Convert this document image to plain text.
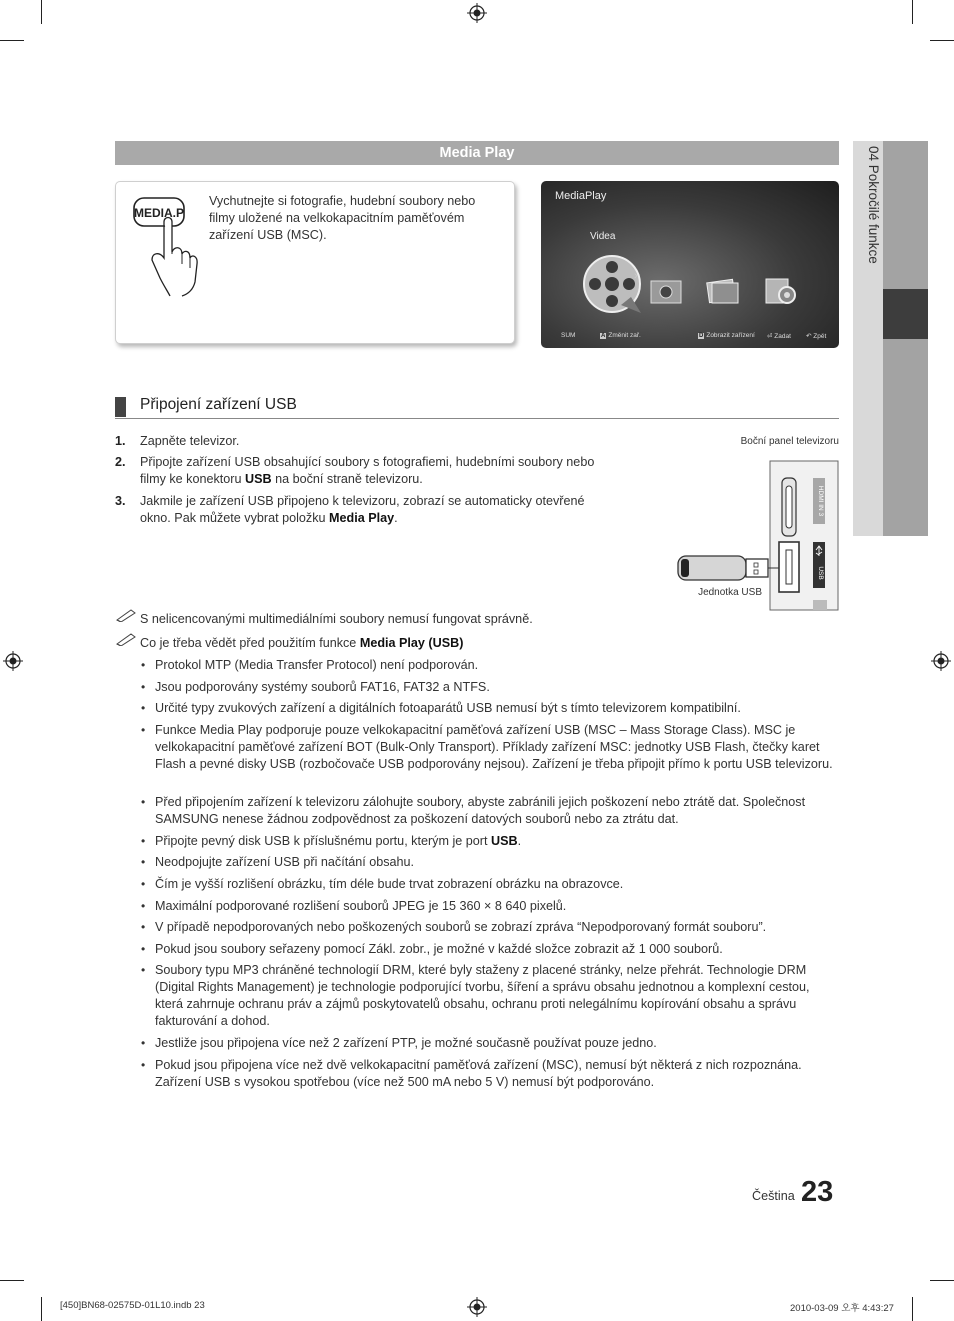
04 Pokročilé funkce
Media Play
MEDIA.P
Vychutnejte si fotografie, hudební soubory nebo filmy uložené na velkokapacitním paměťovém zařízení USB (MSC).
MediaPlay
Videa
›
SUM	A Změnit zař.	D Zobrazit zařízení ⏎ Zadat ↶ Zpět
Připojení zařízení USB
1. Zapněte televizor.
2. Připojte zařízení USB obsahující soubory s fotografiemi, hudebními soubory nebo filmy ke konektoru USB na boční straně televizoru.
3. Jakmile je zařízení USB připojeno k televizoru, zobrazí se automaticky otevřené okno. Pak můžete vybrat položku Media Play.
Boční panel televizoru
HDMI IN 3
USB
Jednotka USB
S nelicencovanými multimediálními soubory nemusí fungovat správně.
Co je třeba vědět před použitím funkce Media Play (USB)
• Protokol MTP (Media Transfer Protocol) není podporován.
• Jsou podporovány systémy souborů FAT16, FAT32 a NTFS.
• Určité typy zvukových zařízení a digitálních fotoaparátů USB nemusí být s tímto televizorem kompatibilní.
• Funkce Media Play podporuje pouze velkokapacitní paměťová zařízení USB (MSC – Mass Storage Class). MSC je velkokapacitní paměťové zařízení BOT (Bulk-Only Transport). Příklady zařízení MSC: jednotky USB Flash, čtečky karet Flash a pevné disky USB (rozbočovače USB podporovány nejsou). Zařízení je třeba připojit přímo k portu USB televizoru.
• Před připojením zařízení k televizoru zálohujte soubory, abyste zabránili jejich poškození nebo ztrátě dat. Společnost SAMSUNG nenese žádnou zodpovědnost za poškození datových souborů nebo za ztrátu dat.
• Připojte pevný disk USB k příslušnému portu, kterým je port USB.
• Neodpojujte zařízení USB při načítání obsahu.
• Čím je vyšší rozlišení obrázku, tím déle bude trvat zobrazení obrázku na obrazovce.
• Maximální podporované rozlišení souborů JPEG je 15 360 × 8 640 pixelů.
• V případě nepodporovaných nebo poškozených souborů se zobrazí zpráva “Nepodporovaný formát souboru”.
• Pokud jsou soubory seřazeny pomocí Zákl. zobr., je možné v každé složce zobrazit až 1 000 souborů.
• Soubory typu MP3 chráněné technologií DRM, které byly staženy z placené stránky, nelze přehrát. Technologie DRM (Digital Rights Management) je technologie podporující tvorbu, šíření a správu obsahu jednotnou a komplexní cestou, která zahrnuje ochranu práv a zájmů poskytovatelů obsahu, ochranu proti nelegálnímu kopírování obsahu a správu fakturování a dohod.
• Jestliže jsou připojena více než 2 zařízení PTP, je možné současně používat pouze jedno.
• Pokud jsou připojena více než dvě velkokapacitní paměťová zařízení (MSC), nemusí být některá z nich rozpoznána. Zařízení USB s vysokou spotřebou (více než 500 mA nebo 5 V) nemusí být podporováno.
Čeština 23
[450]BN68-02575D-01L10.indb 23	2010-03-09 오후 4:43:27
